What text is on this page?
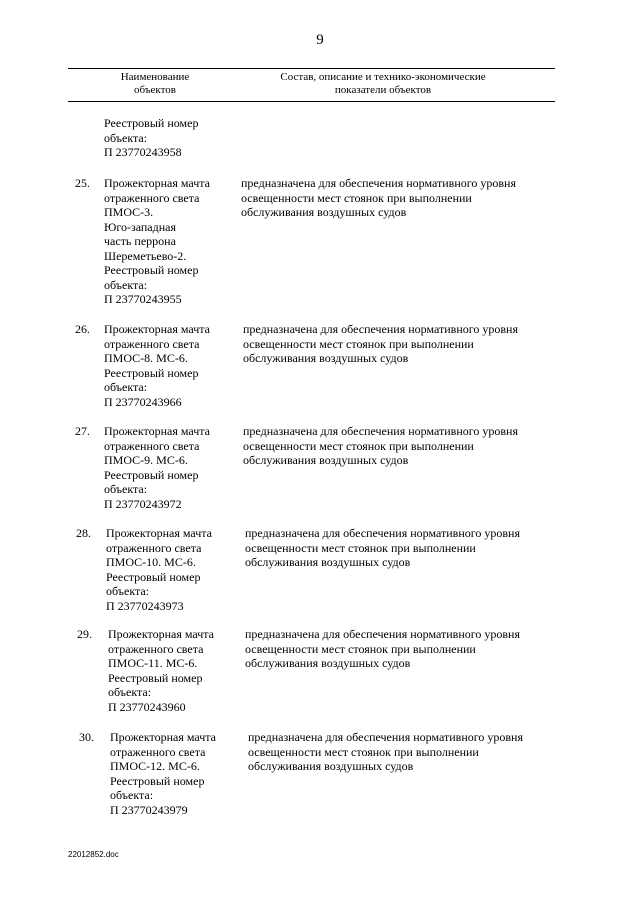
9
Наименование
объектов
Состав, описание и технико-экономические
показатели объектов
Реестровый номер
объекта:
П 23770243958
25. Прожекторная мачта
отраженного света
ПМОС-3.
Юго-западная
часть перрона
Шереметьево-2.
Реестровый номер
объекта:
П 23770243955
предназначена для обеспечения нормативного уровня
освещенности мест стоянок при выполнении
обслуживания воздушных судов
26. Прожекторная мачта
отраженного света
ПМОС-8. МС-6.
Реестровый номер
объекта:
П 23770243966
предназначена для обеспечения нормативного уровня
освещенности мест стоянок при выполнении
обслуживания воздушных судов
27. Прожекторная мачта
отраженного света
ПМОС-9. МС-6.
Реестровый номер
объекта:
П 23770243972
предназначена для обеспечения нормативного уровня
освещенности мест стоянок при выполнении
обслуживания воздушных судов
28. Прожекторная мачта
отраженного света
ПМОС-10. МС-6.
Реестровый номер
объекта:
П 23770243973
предназначена для обеспечения нормативного уровня
освещенности мест стоянок при выполнении
обслуживания воздушных судов
29. Прожекторная мачта
отраженного света
ПМОС-11. МС-6.
Реестровый номер
объекта:
П 23770243960
предназначена для обеспечения нормативного уровня
освещенности мест стоянок при выполнении
обслуживания воздушных судов
30. Прожекторная мачта
отраженного света
ПМОС-12. МС-6.
Реестровый номер
объекта:
П 23770243979
предназначена для обеспечения нормативного уровня
освещенности мест стоянок при выполнении
обслуживания воздушных судов
22012852.doc
